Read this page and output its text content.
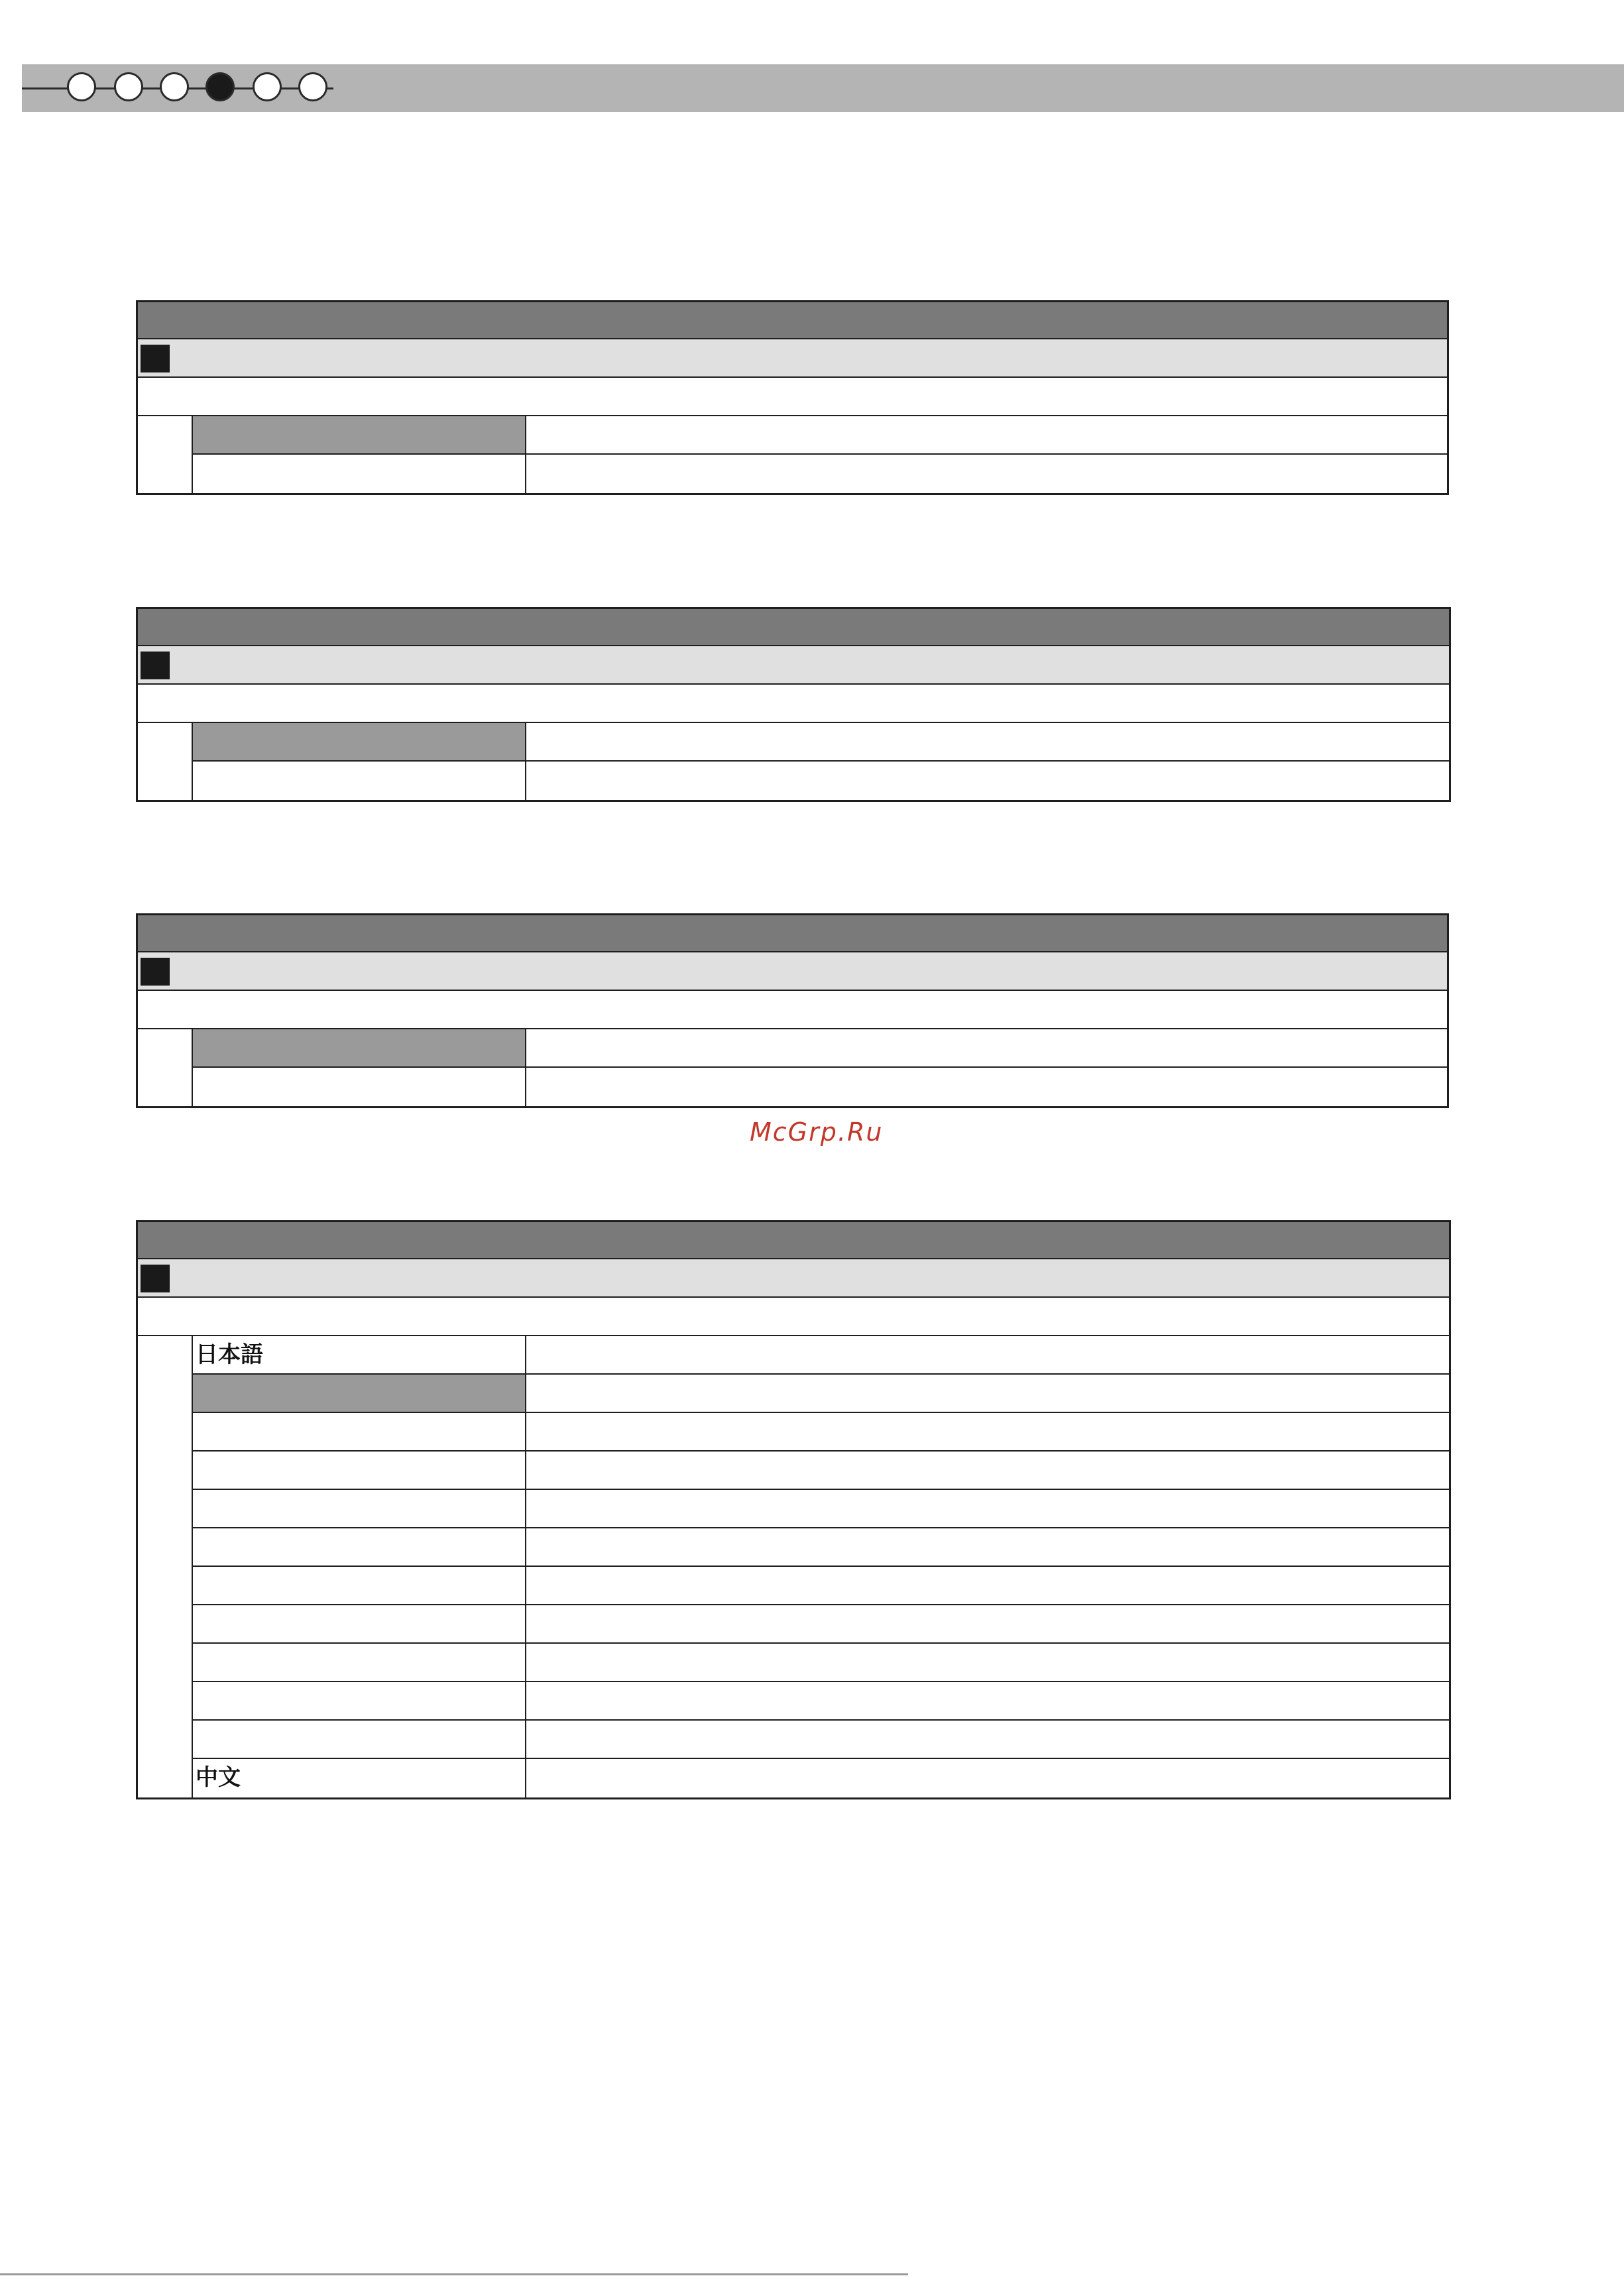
McGrp.Ru
日本語
中文
